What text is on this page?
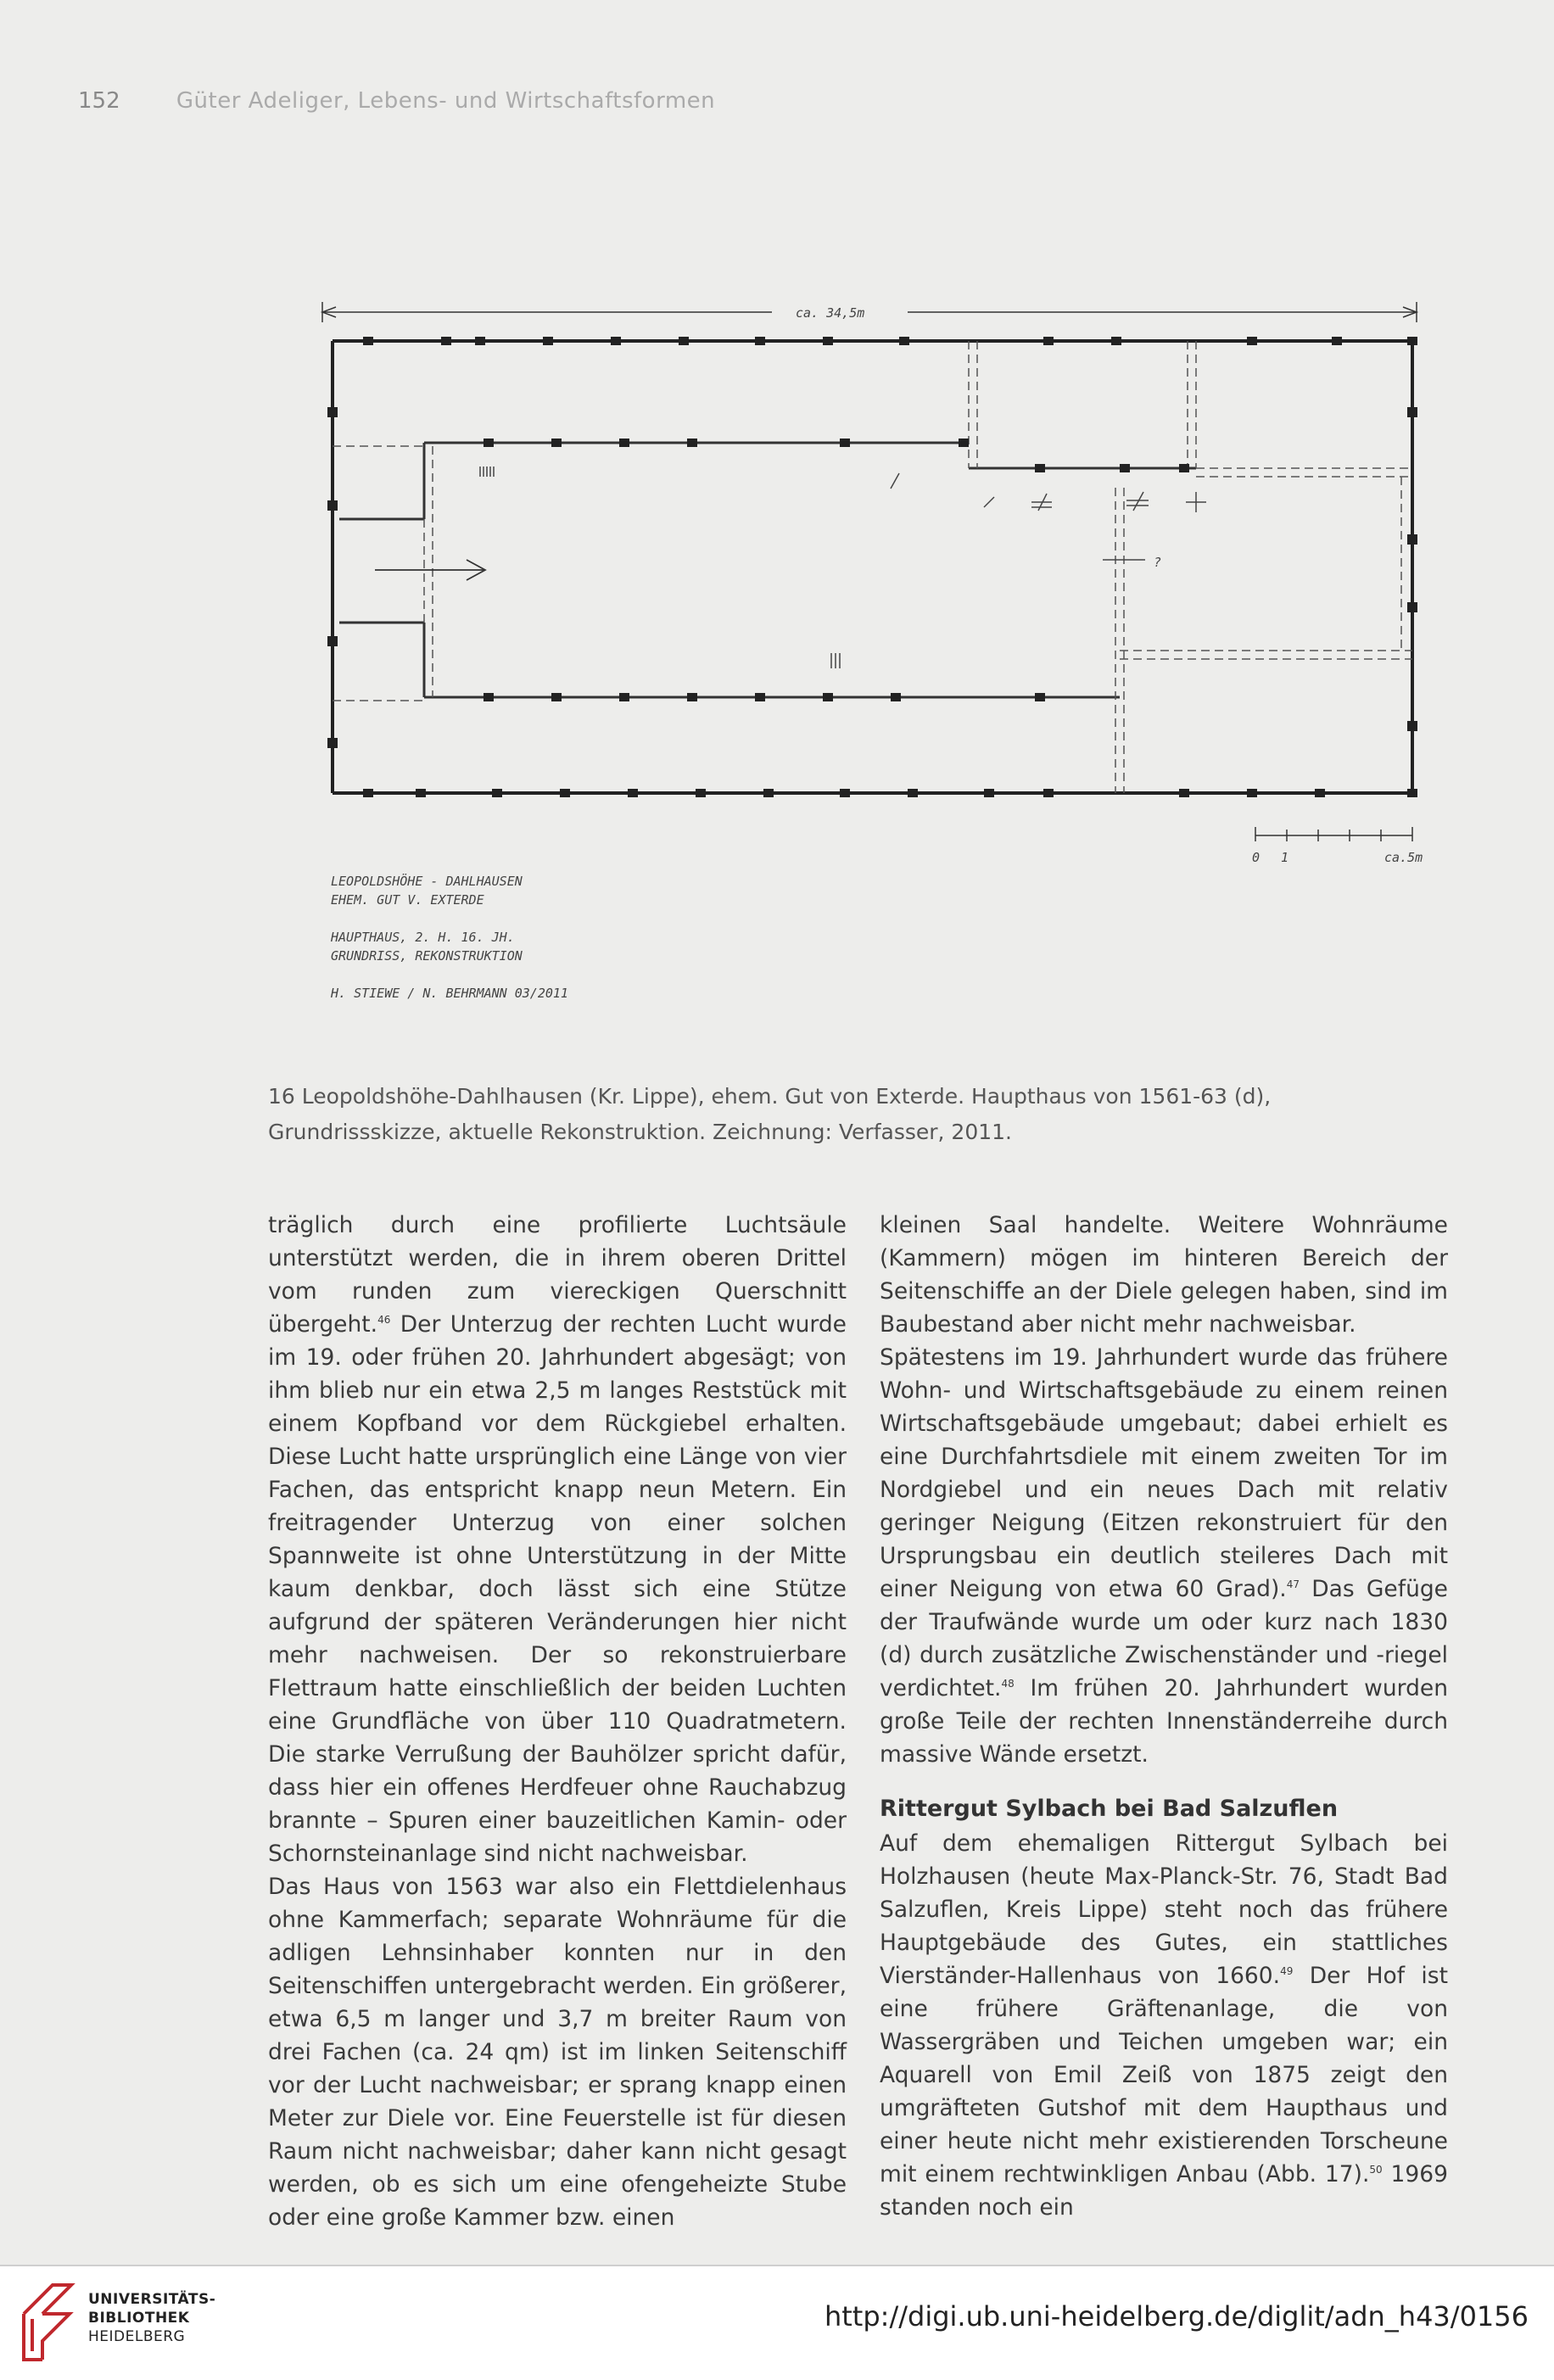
152	Güter Adeliger, Lebens- und Wirtschaftsformen
ca. 34,5m
?
0 1	ca.5m
LEOPOLDSHÖHE - DAHLHAUSEN
EHEM. GUT V. EXTERDE
HAUPTHAUS, 2. H. 16. JH.
GRUNDRISS, REKONSTRUKTION
H. STIEWE / N. BEHRMANN 03/2011
16 Leopoldshöhe-Dahlhausen (Kr. Lippe), ehem. Gut von Exterde. Haupthaus von 1561-63 (d), Grundrissskizze, aktuelle Rekonstruktion. Zeichnung: Verfasser, 2011.

träglich durch eine profilierte Luchtsäule unterstützt werden, die in ihrem oberen Drittel vom runden zum viereckigen Querschnitt übergeht.$^{46}$ Der Unterzug der rechten Lucht wurde im 19. oder frühen 20. Jahrhundert abgesägt; von ihm blieb nur ein etwa 2,5 m langes Reststück mit einem Kopfband vor dem Rückgiebel erhalten. Diese Lucht hatte ursprünglich eine Länge von vier Fachen, das entspricht knapp neun Metern. Ein freitragender Unterzug von einer solchen Spannweite ist ohne Unterstützung in der Mitte kaum denkbar, doch lässt sich eine Stütze aufgrund der späteren Veränderungen hier nicht mehr nachweisen. Der so rekonstruierbare Flettraum hatte einschließlich der beiden Luchten eine Grundfläche von über 110 Quadratmetern. Die starke Verrußung der Bauhölzer spricht dafür, dass hier ein offenes Herdfeuer ohne Rauchabzug brannte – Spuren einer bauzeitlichen Kamin- oder Schornsteinanlage sind nicht nachweisbar.

Das Haus von 1563 war also ein Flettdielenhaus ohne Kammerfach; separate Wohnräume für die adligen Lehnsinhaber konnten nur in den Seitenschiffen untergebracht werden. Ein größerer, etwa 6,5 m langer und 3,7 m breiter Raum von drei Fachen (ca. 24 qm) ist im linken Seitenschiff vor der Lucht nachweisbar; er sprang knapp einen Meter zur Diele vor. Eine Feuerstelle ist für diesen Raum nicht nachweisbar; daher kann nicht gesagt werden, ob es sich um eine ofengeheizte Stube oder eine große Kammer bzw. einen

kleinen Saal handelte. Weitere Wohnräume (Kammern) mögen im hinteren Bereich der Seitenschiffe an der Diele gelegen haben, sind im Baubestand aber nicht mehr nachweisbar.

Spätestens im 19. Jahrhundert wurde das frühere Wohn- und Wirtschaftsgebäude zu einem reinen Wirtschaftsgebäude umgebaut; dabei erhielt es eine Durchfahrtsdiele mit einem zweiten Tor im Nordgiebel und ein neues Dach mit relativ geringer Neigung (Eitzen rekonstruiert für den Ursprungsbau ein deutlich steileres Dach mit einer Neigung von etwa 60 Grad).$^{47}$ Das Gefüge der Traufwände wurde um oder kurz nach 1830 (d) durch zusätzliche Zwischenständer und -riegel verdichtet.$^{48}$ Im frühen 20. Jahrhundert wurden große Teile der rechten Innenständerreihe durch massive Wände ersetzt.

Rittergut Sylbach bei Bad Salzuflen

Auf dem ehemaligen Rittergut Sylbach bei Holzhausen (heute Max-Planck-Str. 76, Stadt Bad Salzuflen, Kreis Lippe) steht noch das frühere Hauptgebäude des Gutes, ein stattliches Vierständer-Hallenhaus von 1660.49 Der Hof ist eine frühere Gräftenanlage, die von Wassergräben und Teichen umgeben war; ein Aquarell von Emil Zeiß von 1875 zeigt den umgräfteten Gutshof mit dem Haupthaus und einer heute nicht mehr existierenden Torscheune mit einem rechtwinkligen Anbau (Abb. 17).$^{50}$ 1969 standen noch ein

UNIVERSITÄTS-
BIBLIOTHEK
HEIDELBERG
http://digi.ub.uni-heidelberg.de/diglit/adn_h43/0156
